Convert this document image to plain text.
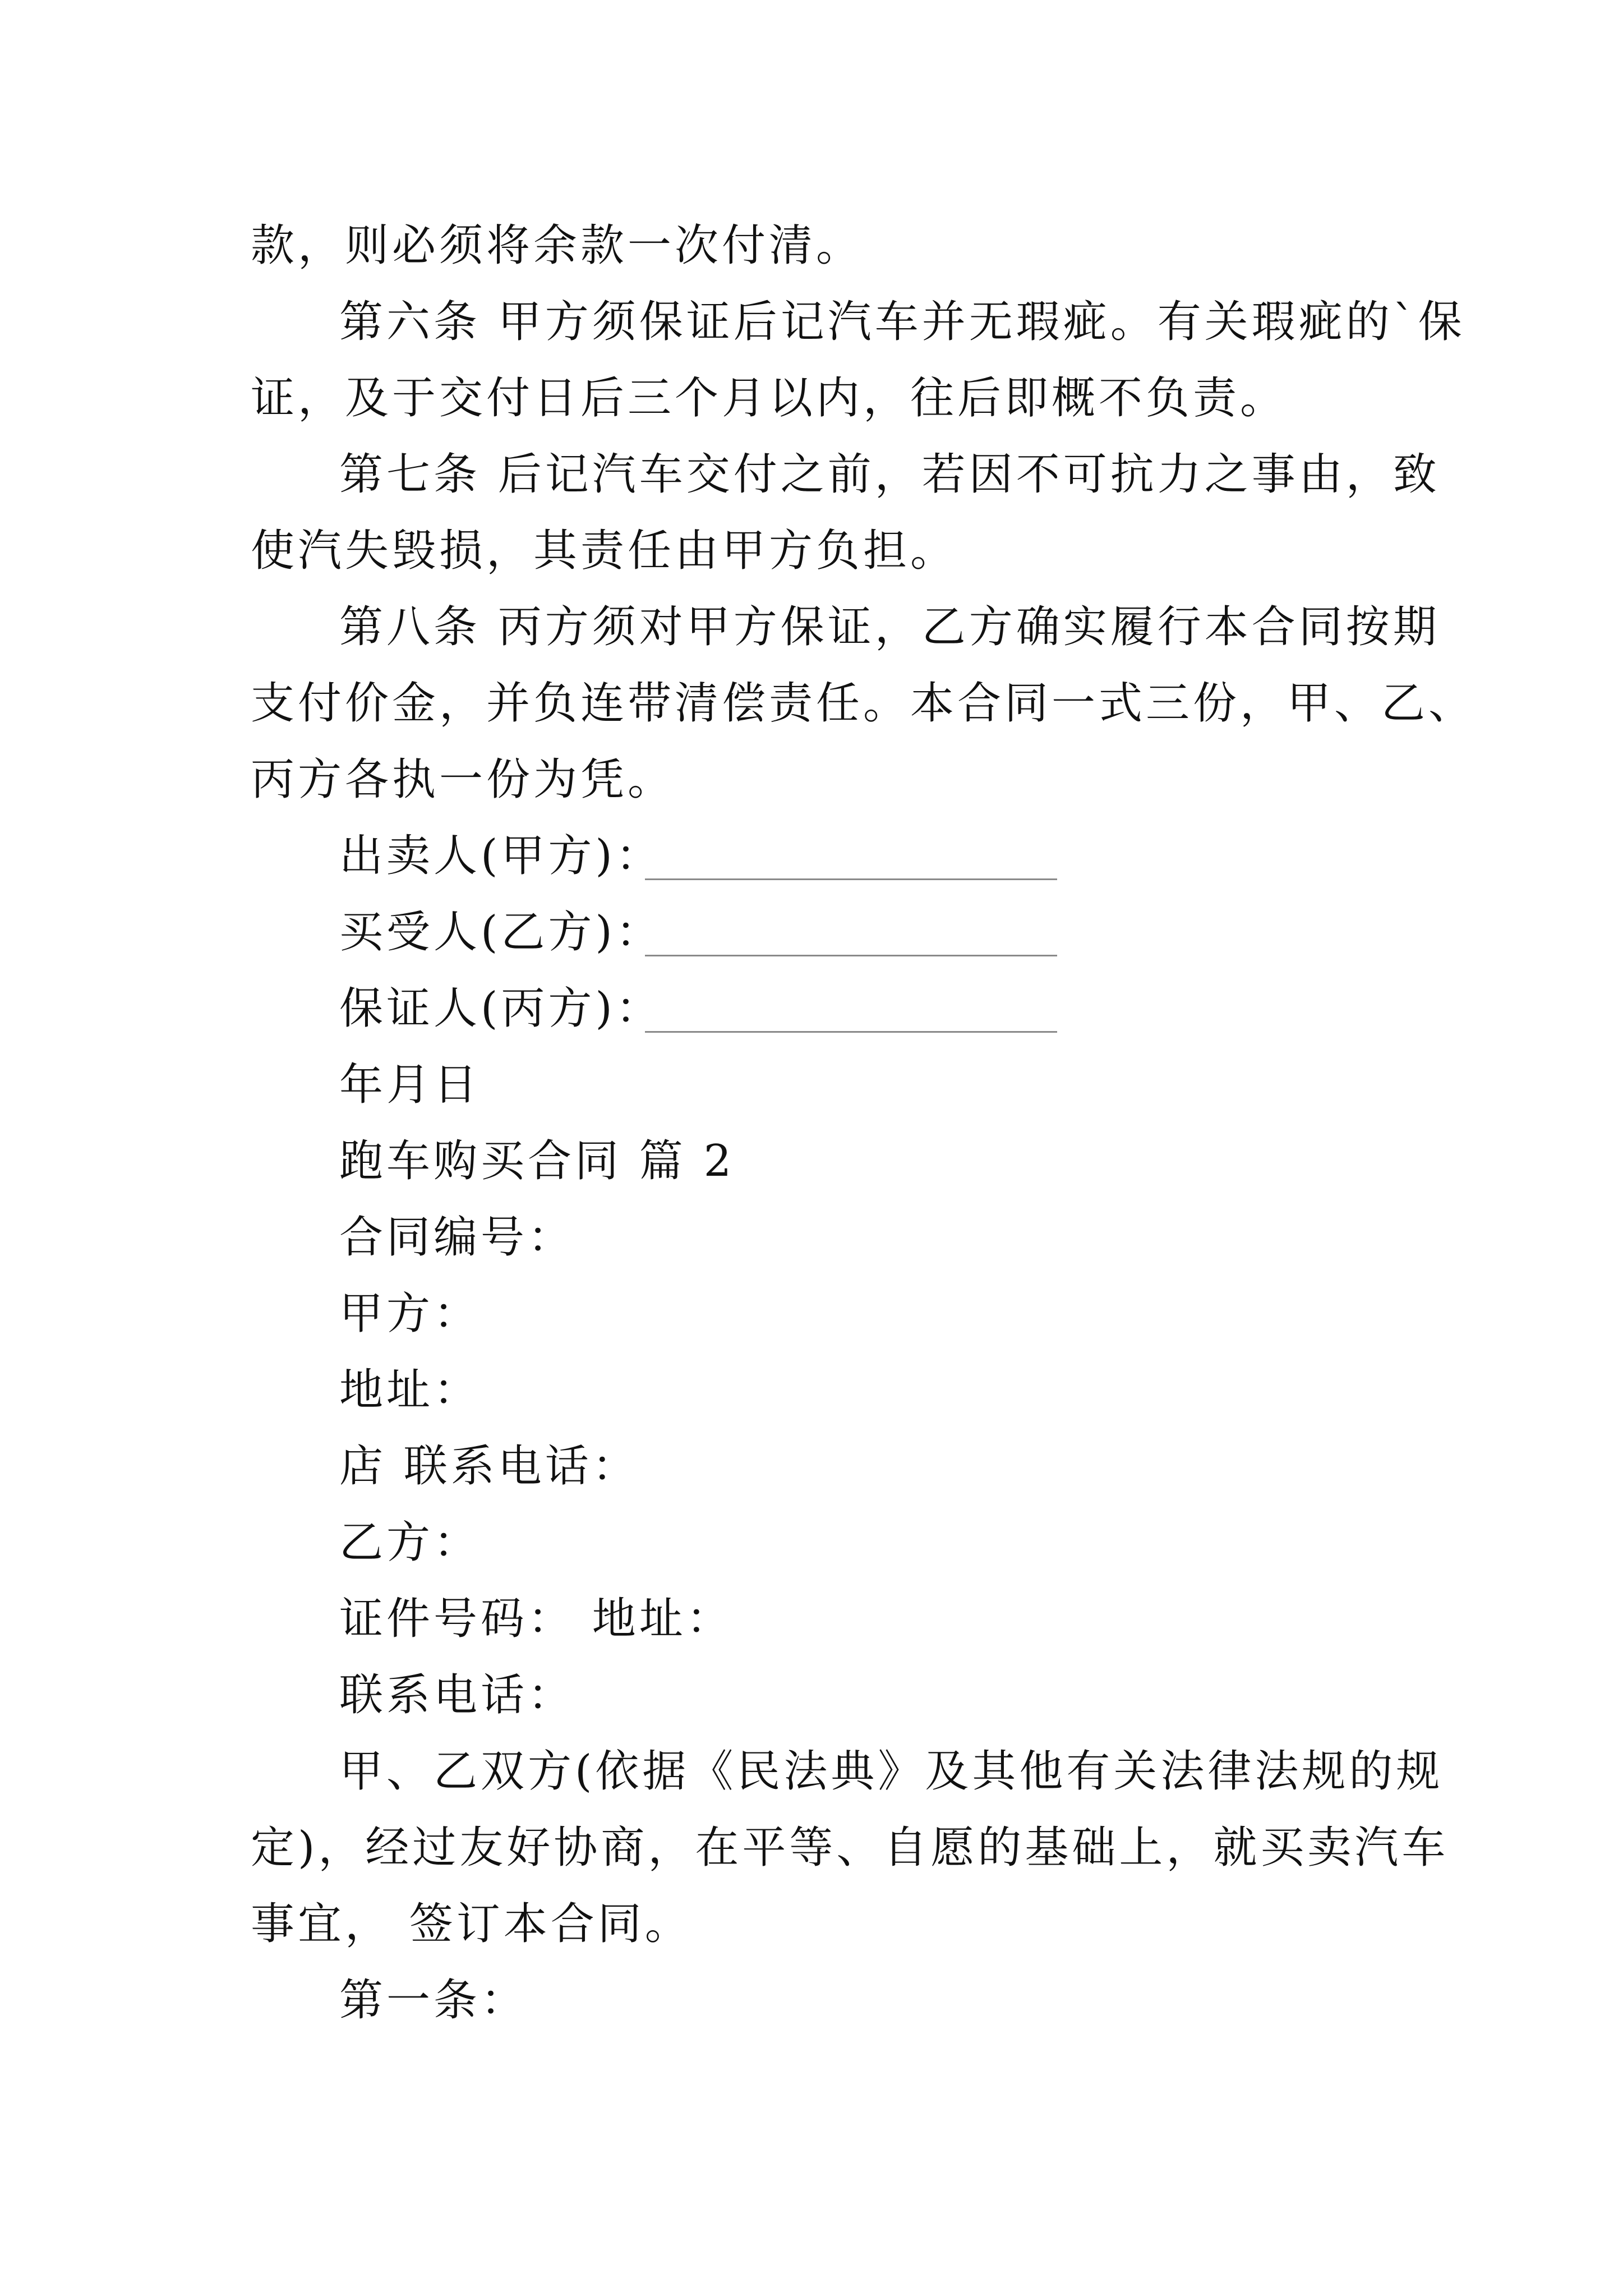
款，则必须将余款一次付清。
第六条 甲方须保证后记汽车并无瑕疵。有关瑕疵的`保
证，及于交付日后三个月以内，往后即概不负责。
第七条 后记汽车交付之前，若因不可抗力之事由，致
使汽失毁损，其责任由甲方负担。
第八条 丙方须对甲方保证，乙方确实履行本合同按期
支付价金，并负连带清偿责任。本合同一式三份，甲、乙、
丙方各执一份为凭。
出卖人(甲方)：
买受人(乙方)：
保证人(丙方)：
年月日
跑车购买合同 篇 2
合同编号：
甲方：
地址：
店 联系电话：
乙方：
证件号码： 地址：
联系电话：
甲、乙双方(依据《民法典》及其他有关法律法规的规
定)，经过友好协商，在平等、自愿的基础上，就买卖汽车
事宜， 签订本合同。
第一条：
